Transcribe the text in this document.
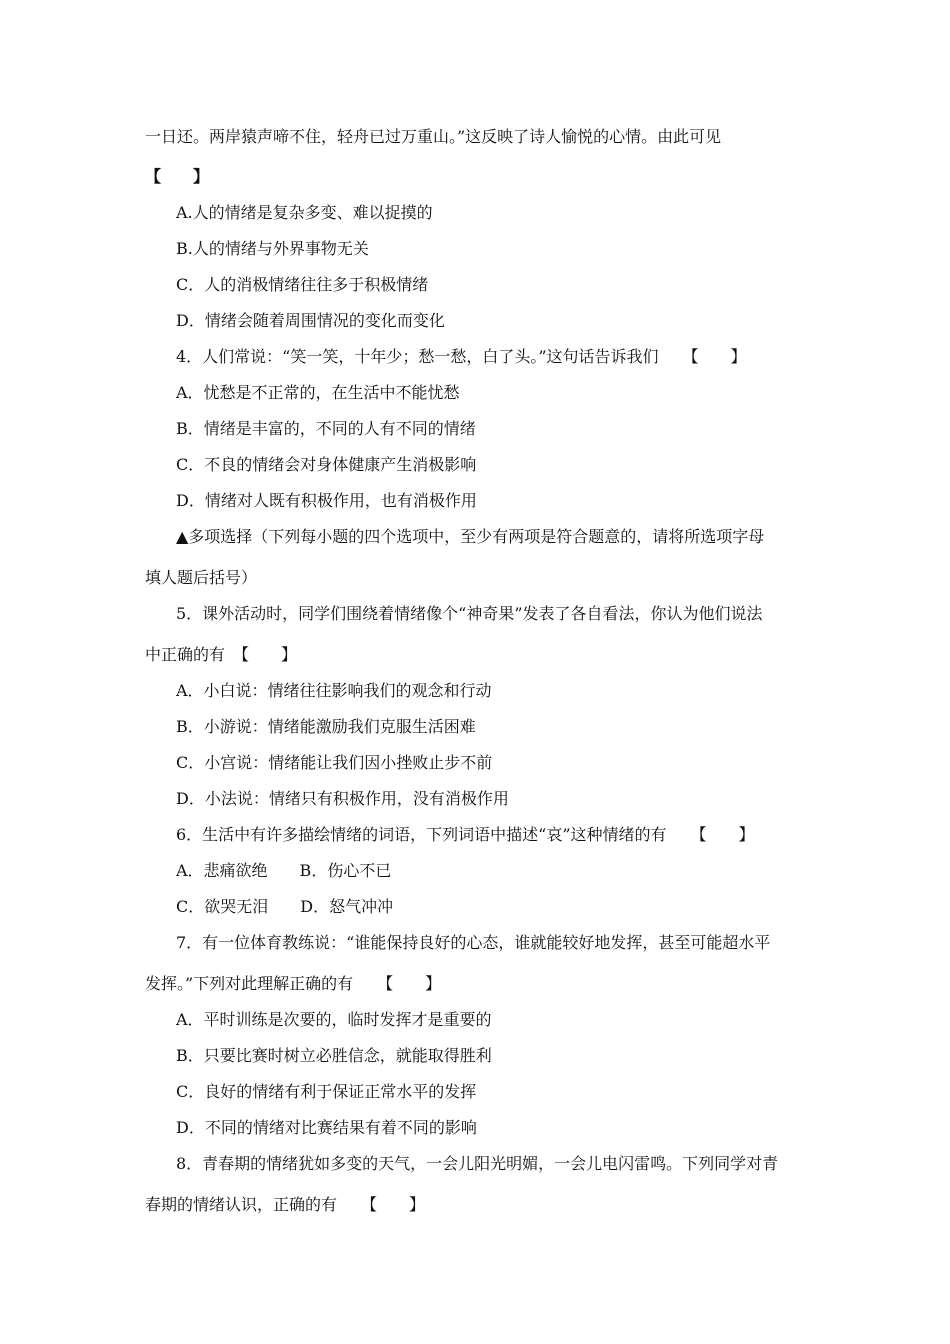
一日还。两岸猿声啼不住，轻舟已过万重山。”这反映了诗人愉悦的心情。由此可见
【　　】
A.人的情绪是复杂多变、难以捉摸的
B.人的情绪与外界事物无关
C．人的消极情绪往往多于积极情绪
D．情绪会随着周围情况的变化而变化
4．人们常说：“笑一笑，十年少；愁一愁，白了头。”这句话告诉我们　　【　　】
A．忧愁是不正常的，在生活中不能忧愁
B．情绪是丰富的，不同的人有不同的情绪
C．不良的情绪会对身体健康产生消极影响
D．情绪对人既有积极作用，也有消极作用
▲多项选择（下列每小题的四个选项中，至少有两项是符合题意的，请将所选项字母
填人题后括号）
5．课外活动时，同学们围绕着情绪像个“神奇果”发表了各自看法，你认为他们说法
中正确的有　【　　】
A．小白说：情绪往往影响我们的观念和行动
B．小游说：情绪能激励我们克服生活困难
C．小宫说：情绪能让我们因小挫败止步不前
D．小法说：情绪只有积极作用，没有消极作用
6．生活中有许多描绘情绪的词语，下列词语中描述“哀”这种情绪的有　　【　　】
A．悲痛欲绝　　B．伤心不已
C．欲哭无泪　　D．怒气冲冲
7．有一位体育教练说：“谁能保持良好的心态，谁就能较好地发挥，甚至可能超水平
发挥。”下列对此理解正确的有　　【　　】
A．平时训练是次要的，临时发挥才是重要的
B．只要比赛时树立必胜信念，就能取得胜利
C．良好的情绪有利于保证正常水平的发挥
D．不同的情绪对比赛结果有着不同的影响
8．青春期的情绪犹如多变的天气，一会儿阳光明媚，一会儿电闪雷鸣。下列同学对青
春期的情绪认识，正确的有　　【　　】
